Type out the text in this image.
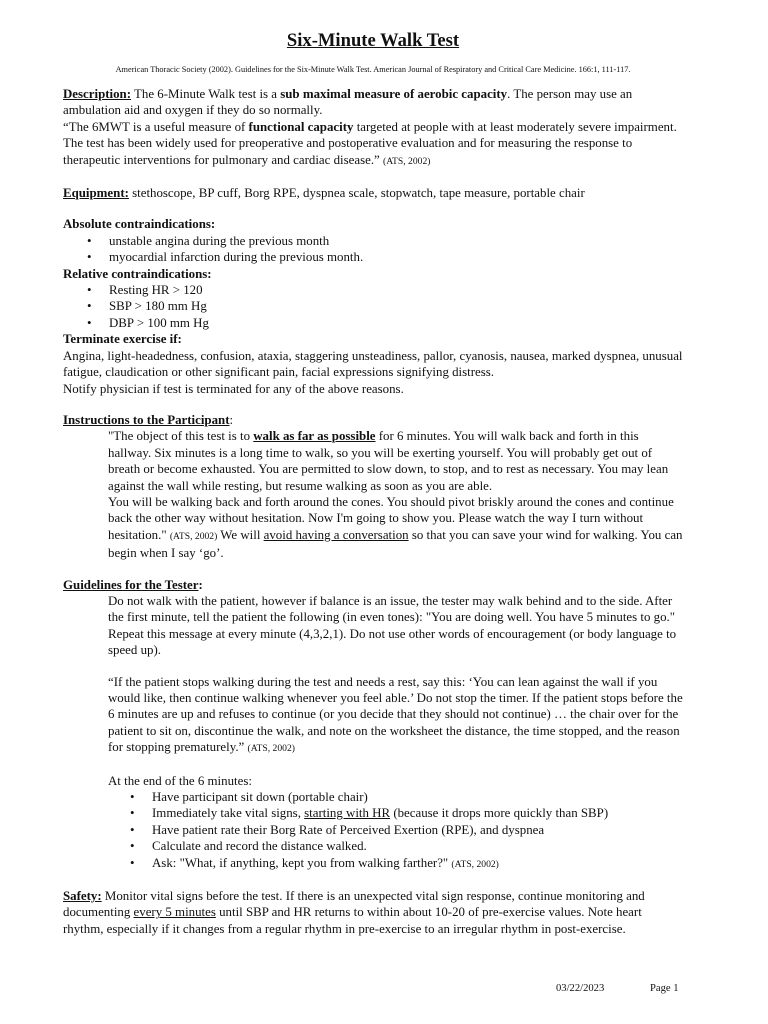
Six-Minute Walk Test
American Thoracic Society (2002). Guidelines for the Six-Minute Walk Test. American Journal of Respiratory and Critical Care Medicine. 166:1, 111-117.

Description: The 6-Minute Walk test is a sub maximal measure of aerobic capacity. The person may use an ambulation aid and oxygen if they do so normally.

“The 6MWT is a useful measure of functional capacity targeted at people with at least moderately severe impairment. The test has been widely used for preoperative and postoperative evaluation and for measuring the response to therapeutic interventions for pulmonary and cardiac disease.” (ATS, 2002)

Equipment: stethoscope, BP cuff, Borg RPE, dyspnea scale, stopwatch, tape measure, portable chair

Absolute contraindications:

• unstable angina during the previous month
• myocardial infarction during the previous month.

Relative contraindications:

• Resting HR > 120
• SBP > 180 mm Hg
• DBP > 100 mm Hg

Terminate exercise if:

Angina, light-headedness, confusion, ataxia, staggering unsteadiness, pallor, cyanosis, nausea, marked dyspnea, unusual fatigue, claudication or other significant pain, facial expressions signifying distress.

Notify physician if test is terminated for any of the above reasons.

Instructions to the Participant:

"The object of this test is to walk as far as possible for 6 minutes. You will walk back and forth in this hallway. Six minutes is a long time to walk, so you will be exerting yourself. You will probably get out of breath or become exhausted. You are permitted to slow down, to stop, and to rest as necessary. You may lean against the wall while resting, but resume walking as soon as you are able.

You will be walking back and forth around the cones. You should pivot briskly around the cones and continue back the other way without hesitation. Now I'm going to show you. Please watch the way I turn without hesitation." (ATS, 2002) We will avoid having a conversation so that you can save your wind for walking. You can begin when I say ‘go’.

Guidelines for the Tester:

Do not walk with the patient, however if balance is an issue, the tester may walk behind and to the side. After the first minute, tell the patient the following (in even tones): "You are doing well. You have 5 minutes to go." Repeat this message at every minute (4,3,2,1). Do not use other words of encouragement (or body language to speed up).

“If the patient stops walking during the test and needs a rest, say this: ‘You can lean against the wall if you would like, then continue walking whenever you feel able.’ Do not stop the timer. If the patient stops before the 6 minutes are up and refuses to continue (or you decide that they should not continue) … the chair over for the patient to sit on, discontinue the walk, and note on the worksheet the distance, the time stopped, and the reason for stopping prematurely.” (ATS, 2002)

At the end of the 6 minutes:

• Have participant sit down (portable chair)
• Immediately take vital signs, starting with HR (because it drops more quickly than SBP)
• Have patient rate their Borg Rate of Perceived Exertion (RPE), and dyspnea
• Calculate and record the distance walked.
• Ask: "What, if anything, kept you from walking farther?" (ATS, 2002)

Safety: Monitor vital signs before the test. If there is an unexpected vital sign response, continue monitoring and documenting every 5 minutes until SBP and HR returns to within about 10-20 of pre-exercise values. Note heart rhythm, especially if it changes from a regular rhythm in pre-exercise to an irregular rhythm in post-exercise.

03/22/2023	Page 1
